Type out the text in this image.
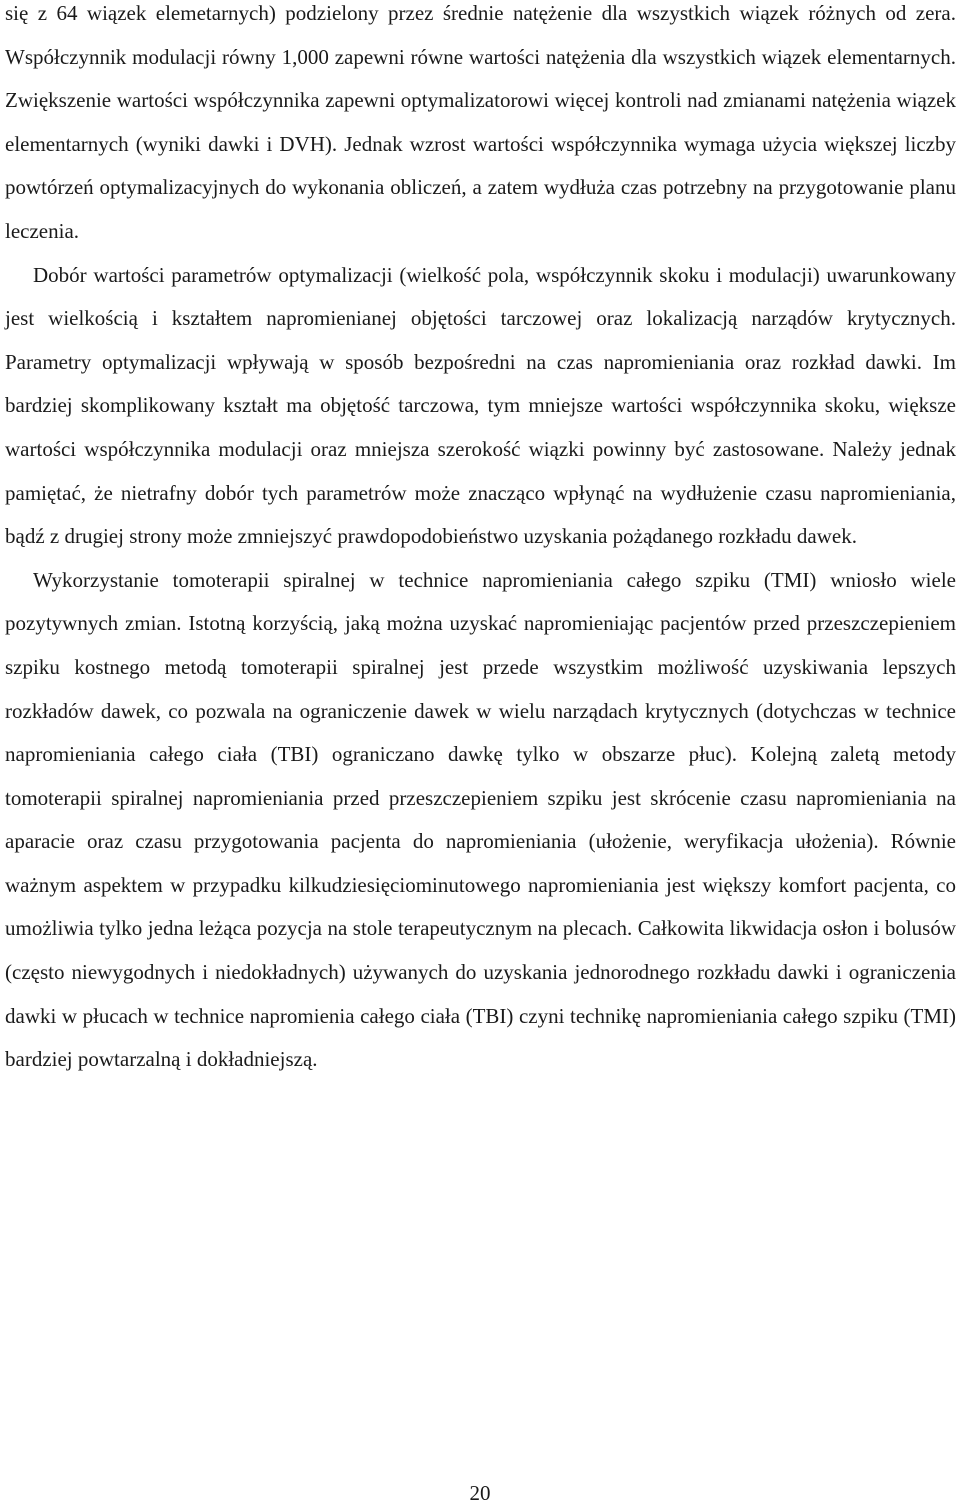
się z 64 wiązek elemetarnych) podzielony przez średnie natężenie dla wszystkich wiązek różnych od zera. Współczynnik modulacji równy 1,000 zapewni równe wartości natężenia dla wszystkich wiązek elementarnych. Zwiększenie wartości współczynnika zapewni optymalizatorowi więcej kontroli nad zmianami natężenia wiązek elementarnych (wyniki dawki i DVH). Jednak wzrost wartości współczynnika wymaga użycia większej liczby powtórzeń optymalizacyjnych do wykonania obliczeń, a zatem wydłuża czas potrzebny na przygotowanie planu leczenia.

Dobór wartości parametrów optymalizacji (wielkość pola, współczynnik skoku i modulacji) uwarunkowany jest wielkością i kształtem napromienianej objętości tarczowej oraz lokalizacją narządów krytycznych. Parametry optymalizacji wpływają w sposób bezpośredni na czas napromieniania oraz rozkład dawki. Im bardziej skomplikowany kształt ma objętość tarczowa, tym mniejsze wartości współczynnika skoku, większe wartości współczynnika modulacji oraz mniejsza szerokość wiązki powinny być zastosowane. Należy jednak pamiętać, że nietrafny dobór tych parametrów może znacząco wpłynąć na wydłużenie czasu napromieniania, bądź z drugiej strony może zmniejszyć prawdopodobieństwo uzyskania pożądanego rozkładu dawek.

Wykorzystanie tomoterapii spiralnej w technice napromieniania całego szpiku (TMI) wniosło wiele pozytywnych zmian. Istotną korzyścią, jaką można uzyskać napromieniając pacjentów przed przeszczepieniem szpiku kostnego metodą tomoterapii spiralnej jest przede wszystkim możliwość uzyskiwania lepszych rozkładów dawek, co pozwala na ograniczenie dawek w wielu narządach krytycznych (dotychczas w technice napromieniania całego ciała (TBI) ograniczano dawkę tylko w obszarze płuc). Kolejną zaletą metody tomoterapii spiralnej napromieniania przed przeszczepieniem szpiku jest skrócenie czasu napromieniania na aparacie oraz czasu przygotowania pacjenta do napromieniania (ułożenie, weryfikacja ułożenia). Równie ważnym aspektem w przypadku kilkudziesięciominutowego napromieniania jest większy komfort pacjenta, co umożliwia tylko jedna leżąca pozycja na stole terapeutycznym na plecach. Całkowita likwidacja osłon i bolusów (często niewygodnych i niedokładnych) używanych do uzyskania jednorodnego rozkładu dawki i ograniczenia dawki w płucach w technice napromienia całego ciała (TBI) czyni technikę napromieniania całego szpiku (TMI) bardziej powtarzalną i dokładniejszą.

20
